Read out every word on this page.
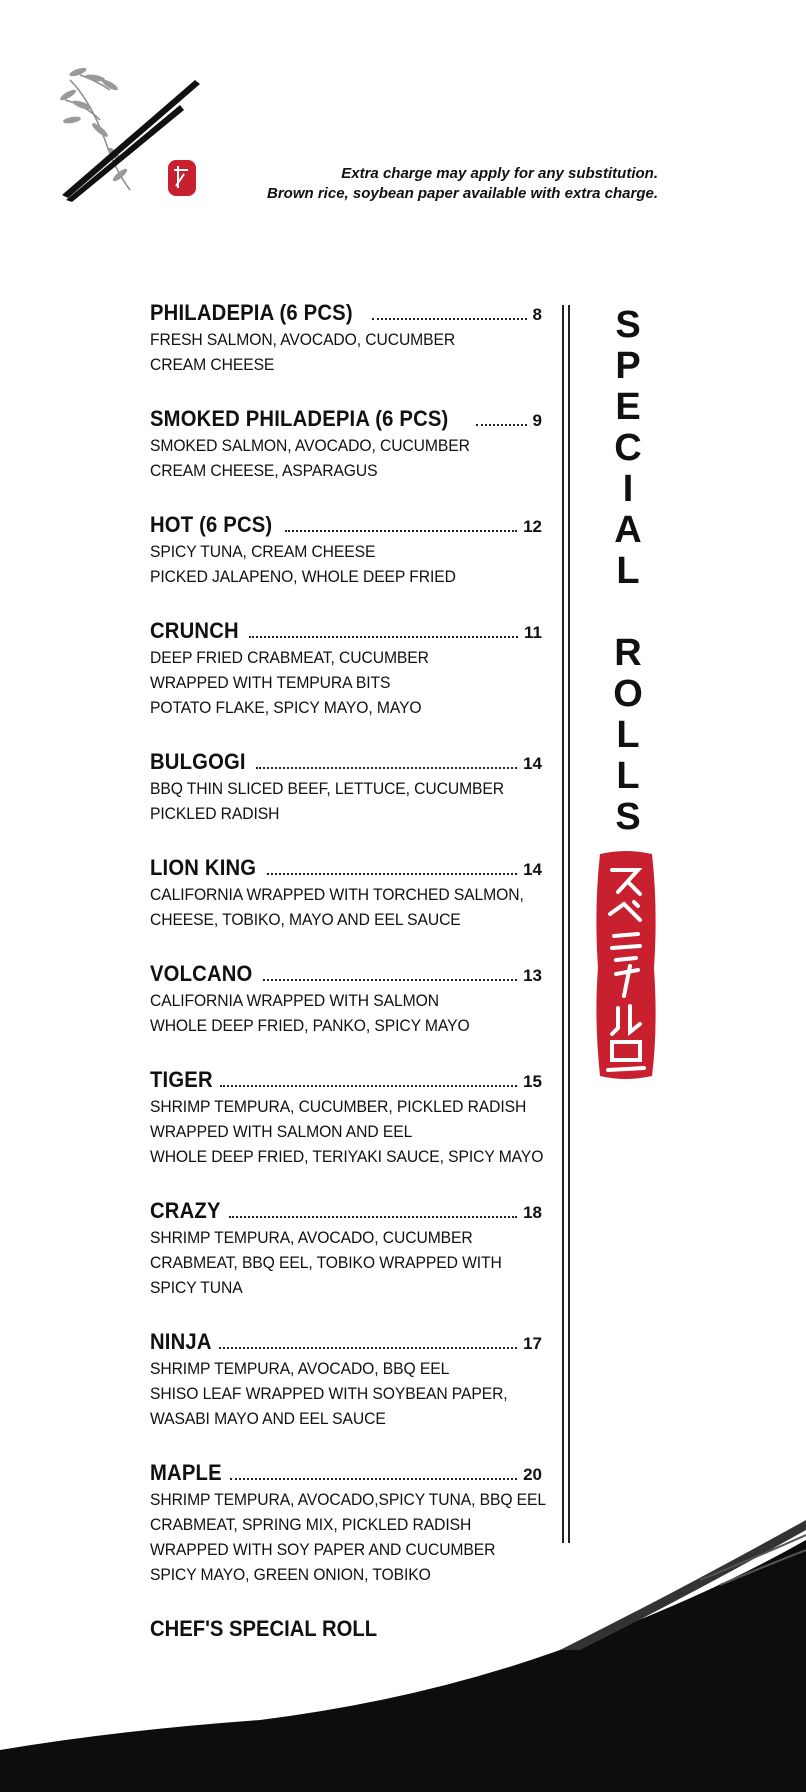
Extra charge may apply for any substitution.
Brown rice, soybean paper available with extra charge.
PHILADEPIA (6 PCS)	8
FRESH SALMON, AVOCADO, CUCUMBER
CREAM CHEESE
SMOKED PHILADEPIA (6 PCS)	9
SMOKED SALMON, AVOCADO, CUCUMBER
CREAM CHEESE, ASPARAGUS
HOT (6 PCS)	12
SPICY TUNA, CREAM CHEESE
PICKED JALAPENO, WHOLE DEEP FRIED
CRUNCH	11
DEEP FRIED CRABMEAT, CUCUMBER
WRAPPED WITH TEMPURA BITS
POTATO FLAKE, SPICY MAYO, MAYO
BULGOGI	14
BBQ THIN SLICED BEEF, LETTUCE, CUCUMBER
PICKLED RADISH
LION KING	14
CALIFORNIA WRAPPED WITH TORCHED SALMON,
CHEESE, TOBIKO, MAYO AND EEL SAUCE
VOLCANO	13
CALIFORNIA WRAPPED WITH SALMON
WHOLE DEEP FRIED, PANKO, SPICY MAYO
TIGER	15
SHRIMP TEMPURA, CUCUMBER, PICKLED RADISH
WRAPPED WITH SALMON AND EEL
WHOLE DEEP FRIED, TERIYAKI SAUCE, SPICY MAYO
CRAZY	18
SHRIMP TEMPURA, AVOCADO, CUCUMBER
CRABMEAT, BBQ EEL, TOBIKO WRAPPED WITH
SPICY TUNA
NINJA	17
SHRIMP TEMPURA, AVOCADO, BBQ EEL
SHISO LEAF WRAPPED WITH SOYBEAN PAPER,
WASABI MAYO AND EEL SAUCE
MAPLE	20
SHRIMP TEMPURA, AVOCADO,SPICY TUNA, BBQ EEL
CRABMEAT, SPRING MIX, PICKLED RADISH
WRAPPED WITH SOY PAPER AND CUCUMBER
SPICY MAYO, GREEN ONION, TOBIKO
CHEF'S SPECIAL ROLL
S
P
E
C
I
A
L

R
O
L
L
S
